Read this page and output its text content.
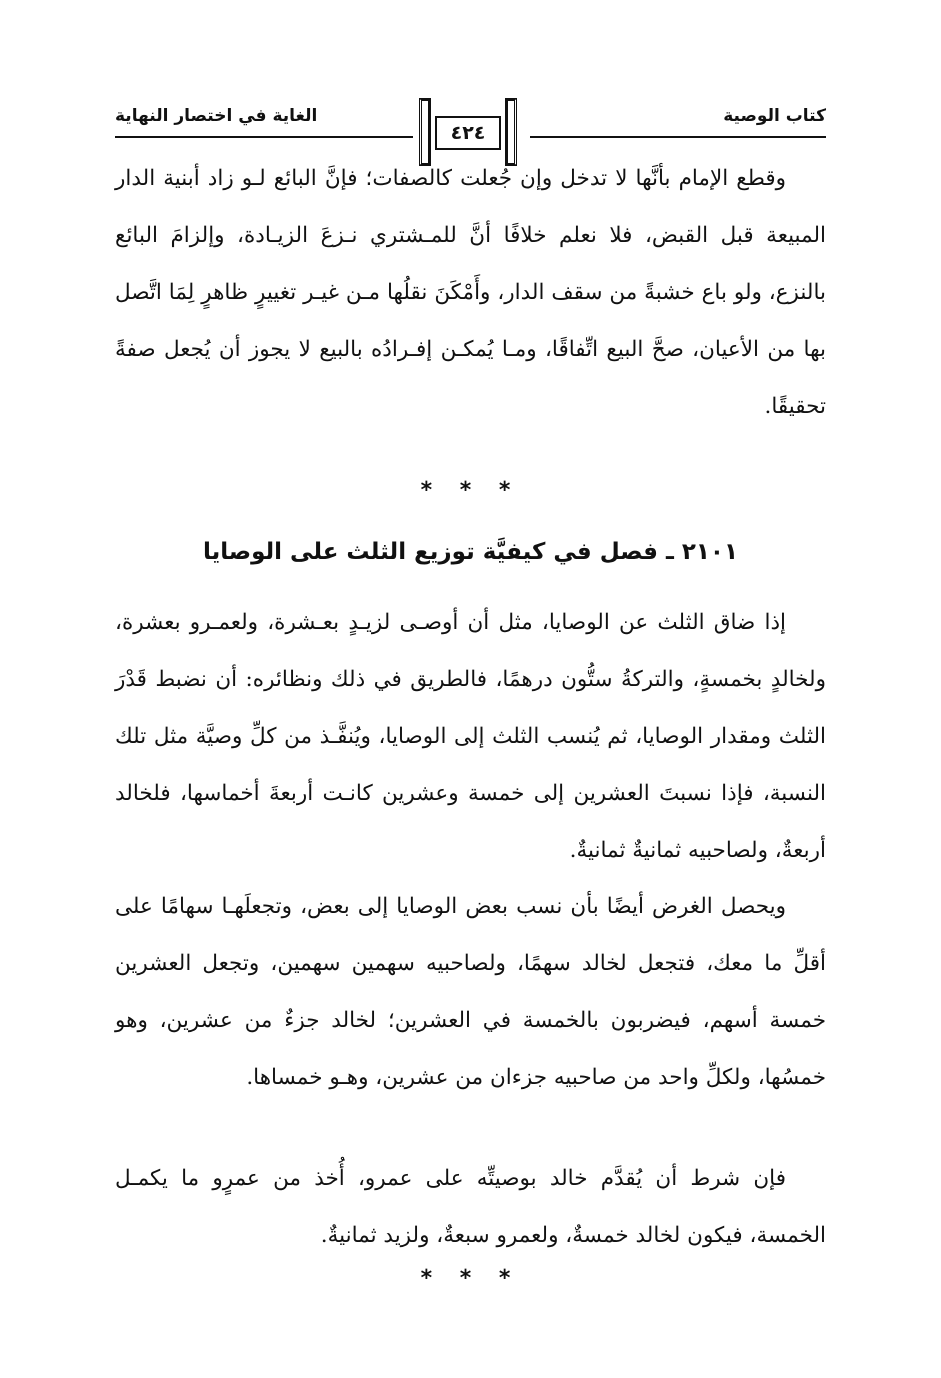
كتاب الوصية
الغاية في اختصار النهاية
٤٢٤

وقطع الإمام بأنَّها لا تدخل وإن جُعلت كالصفات؛ فإنَّ البائع لـو زاد أبنية الدار المبيعة قبل القبض، فلا نعلم خلافًا أنَّ للمـشتري نـزعَ الزيـادة، وإلزامَ البائع بالنزع، ولو باع خشبةً من سقف الدار، وأَمْكَنَ نقلُها مـن غيـر تغييرٍ ظاهرٍ لِمَا اتَّصل بها من الأعيان، صحَّ البيع اتِّفاقًا، ومـا يُمكـن إفـرادُه بالبيع لا يجوز أن يُجعل صفةً تحقيقًا.

* * *
٢١٠١ ـ فصل في كيفيَّة توزيع الثلث على الوصايا

إذا ضاق الثلث عن الوصايا، مثل أن أوصـى لزيـدٍ بعـشرة، ولعمـرو بعشرة، ولخالدٍ بخمسةٍ، والتركةُ ستُّون درهمًا، فالطريق في ذلك ونظائره: أن نضبط قَدْرَ الثلث ومقدار الوصايا، ثم يُنسب الثلث إلى الوصايا، ويُنفَّـذ من كلِّ وصيَّة مثل تلك النسبة، فإذا نسبتَ العشرين إلى خمسة وعشرين كانـت أربعةَ أخماسها، فلخالد أربعةٌ، ولصاحبيه ثمانيةٌ ثمانيةٌ.

ويحصل الغرض أيضًا بأن نسب بعض الوصايا إلى بعض، وتجعلَهـا سهامًا على أقلِّ ما معك، فتجعل لخالد سهمًا، ولصاحبيه سهمين سهمين، وتجعل العشرين خمسة أسهم، فيضربون بالخمسة في العشرين؛ لخالد جزءٌ من عشرين، وهو خمسُها، ولكلِّ واحد من صاحبيه جزءان من عشرين، وهـو خمساها.

فإن شرط أن يُقدَّم خالد بوصيتِّه على عمرو، أُخذ من عمرٍو ما يكمـل الخمسة، فيكون لخالد خمسةٌ، ولعمرو سبعةٌ، ولزيد ثمانيةٌ.

* * *
